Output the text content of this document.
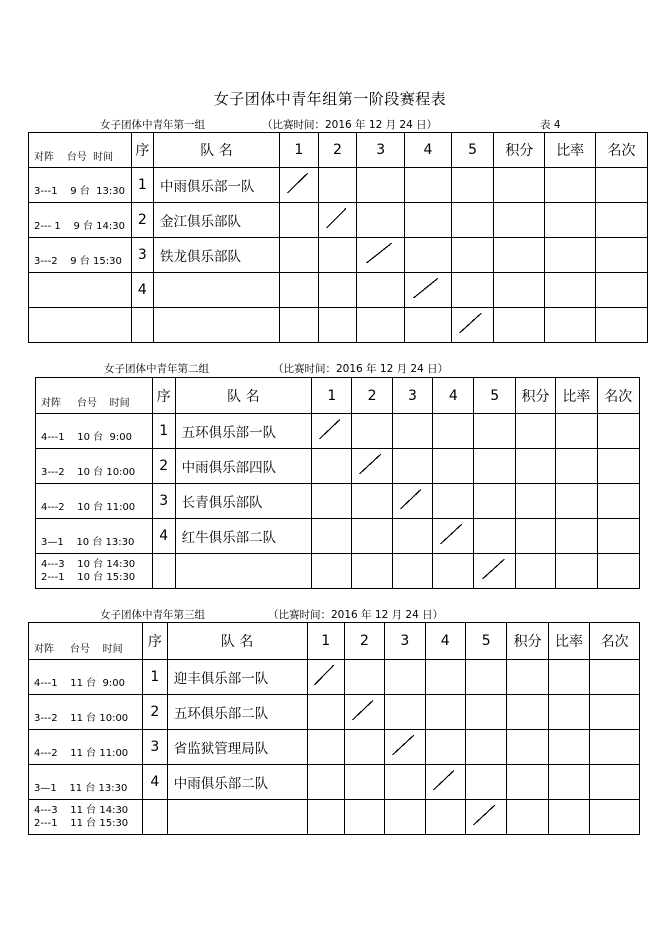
女子团体中青年组第一阶段赛程表
女子团体中青年第一组	（比赛时间：2016 年 12 月 24 日）	表 4
对阵    台号  时间	序	队 名	1	2	3	4	5	积分	比率	名次

3---1    9 台  13:30	1	中雨俱乐部一队								

2--- 1    9 台 14:30	2	金江俱乐部队								

3---2    9 台 15:30	3	铁龙俱乐部队								

	4									

女子团体中青年第二组	（比赛时间：2016 年 12 月 24 日）
对阵     台号    时间	序	队 名	1	2	3	4	5	积分	比率	名次

4---1    10 台  9:00	1	五环俱乐部一队								

3---2    10 台 10:00	2	中雨俱乐部四队								

4---2    10 台 11:00	3	长青俱乐部队								

3—1    10 台 13:30	4	红牛俱乐部二队								

4---3    10 台 14:30
2---1    10 台 15:30										

女子团体中青年第三组	（比赛时间：2016 年 12 月 24 日）
对阵     台号    时间	序	队 名	1	2	3	4	5	积分	比率	名次

4---1    11 台  9:00	1	迎丰俱乐部一队								

3---2    11 台 10:00	2	五环俱乐部二队								

4---2    11 台 11:00	3	省监狱管理局队								

3—1    11 台 13:30	4	中雨俱乐部二队								

4---3    11 台 14:30
2---1    11 台 15:30										
